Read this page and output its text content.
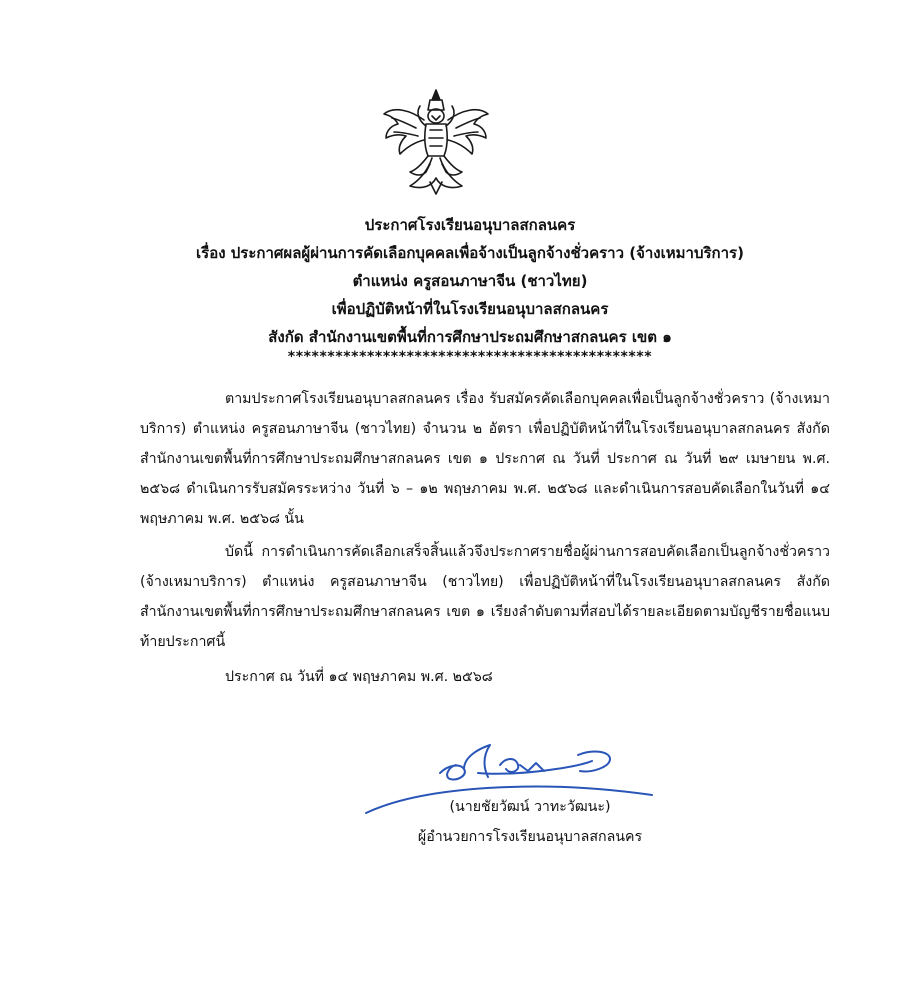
ประกาศโรงเรียนอนุบาลสกลนคร
เรื่อง ประกาศผลผู้ผ่านการคัดเลือกบุคคลเพื่อจ้างเป็นลูกจ้างชั่วคราว (จ้างเหมาบริการ)
ตำแหน่ง ครูสอนภาษาจีน (ชาวไทย)
เพื่อปฏิบัติหน้าที่ในโรงเรียนอนุบาลสกลนคร
สังกัด สำนักงานเขตพื้นที่การศึกษาประถมศึกษาสกลนคร เขต ๑
**********************************************

ตามประกาศโรงเรียนอนุบาลสกลนคร เรื่อง รับสมัครคัดเลือกบุคคลเพื่อเป็นลูกจ้างชั่วคราว (จ้างเหมาบริการ) ตำแหน่ง ครูสอนภาษาจีน (ชาวไทย) จำนวน ๒ อัตรา เพื่อปฏิบัติหน้าที่ในโรงเรียนอนุบาลสกลนคร สังกัด สำนักงานเขตพื้นที่การศึกษาประถมศึกษาสกลนคร เขต ๑ ประกาศ ณ วันที่ ประกาศ ณ วันที่ ๒๙ เมษายน พ.ศ. ๒๕๖๘ ดำเนินการรับสมัครระหว่าง วันที่ ๖ – ๑๒ พฤษภาคม พ.ศ. ๒๕๖๘ และดำเนินการสอบคัดเลือกในวันที่ ๑๔ พฤษภาคม พ.ศ. ๒๕๖๘ นั้น

บัดนี้ การดำเนินการคัดเลือกเสร็จสิ้นแล้วจึงประกาศรายชื่อผู้ผ่านการสอบคัดเลือกเป็นลูกจ้างชั่วคราว (จ้างเหมาบริการ) ตำแหน่ง ครูสอนภาษาจีน (ชาวไทย) เพื่อปฏิบัติหน้าที่ในโรงเรียนอนุบาลสกลนคร สังกัด สำนักงานเขตพื้นที่การศึกษาประถมศึกษาสกลนคร เขต ๑ เรียงลำดับตามที่สอบได้รายละเอียดตามบัญชีรายชื่อแนบท้ายประกาศนี้

ประกาศ ณ วันที่ ๑๔ พฤษภาคม พ.ศ. ๒๕๖๘
(นายชัยวัฒน์ วาทะวัฒนะ)
ผู้อำนวยการโรงเรียนอนุบาลสกลนคร
